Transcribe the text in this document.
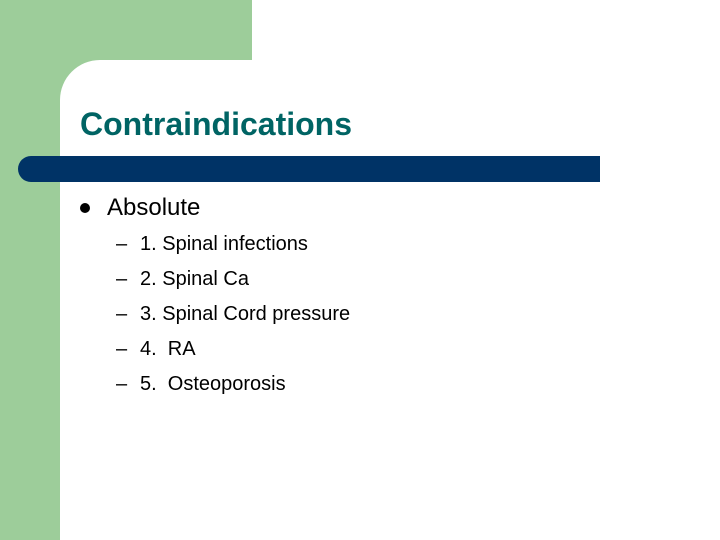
Contraindications
Absolute
– 1. Spinal infections
– 2. Spinal Ca
– 3. Spinal Cord pressure
– 4.  RA
– 5.  Osteoporosis
